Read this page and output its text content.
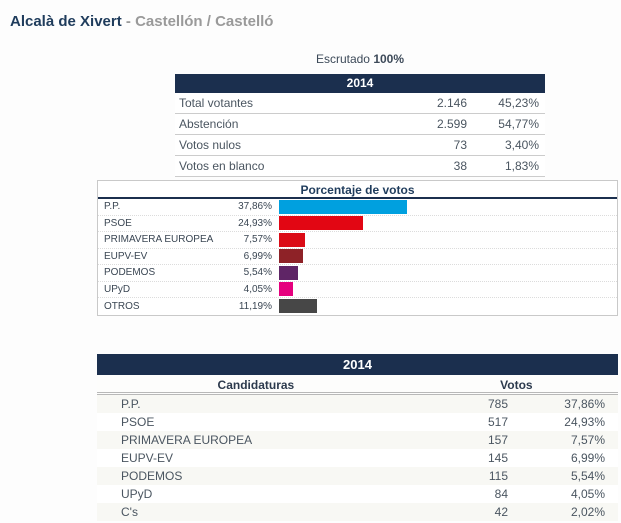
Alcalà de Xivert - Castellón / Castelló
Escrutado 100%
2014
Total votantes	2.146	45,23%
Abstención	2.599	54,77%
Votos nulos	73	3,40%
Votos en blanco	38	1,83%
Porcentaje de votos
P.P.	37,86%
PSOE	24,93%
PRIMAVERA EUROPEA	7,57%
EUPV-EV	6,99%
PODEMOS	5,54%
UPyD	4,05%
OTROS	11,19%
2014
Candidaturas	Votos
P.P.	785	37,86%
PSOE	517	24,93%
PRIMAVERA EUROPEA	157	7,57%
EUPV-EV	145	6,99%
PODEMOS	115	5,54%
UPyD	84	4,05%
C's	42	2,02%
